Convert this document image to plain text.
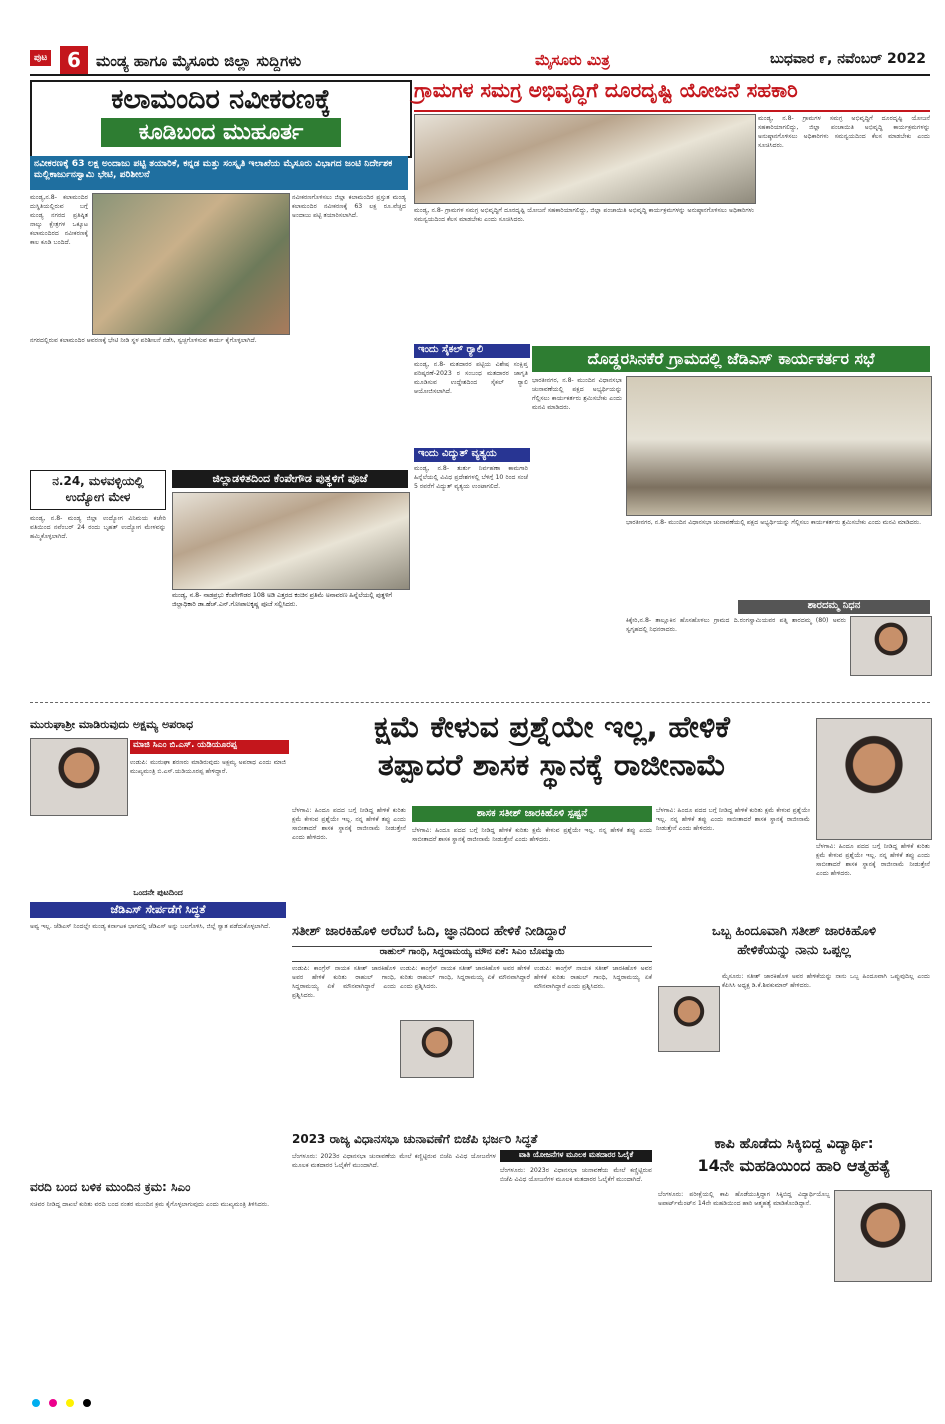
ಪುಟ 6	ಮಂಡ್ಯ ಹಾಗೂ ಮೈಸೂರು ಜಿಲ್ಲಾ ಸುದ್ದಿಗಳು	ಮೈಸೂರು ಮಿತ್ರ	ಬುಧವಾರ ೯, ನವೆಂಬರ್ 2022
ಕಲಾಮಂದಿರ ನವೀಕರಣಕ್ಕೆ
ಕೂಡಿಬಂದ ಮುಹೂರ್ತ
ನವೀಕರಣಕ್ಕೆ 63 ಲಕ್ಷ ಅಂದಾಜು ಪಟ್ಟಿ ತಯಾರಿಕೆ, ಕನ್ನಡ ಮತ್ತು ಸಂಸ್ಕೃತಿ ಇಲಾಖೆಯ ಮೈಸೂರು ವಿಭಾಗದ ಜಂಟಿ ನಿರ್ದೇಶಕ ಮಲ್ಲಿಕಾರ್ಜುನಸ್ವಾಮಿ ಭೇಟಿ, ಪರಿಶೀಲನೆ
ಮಂಡ್ಯ,ನ.8- ಕಲಾಮಂದಿರ ದುಸ್ಥಿತಿಯಲ್ಲಿರುವ ಬಗ್ಗೆ ಮಂಡ್ಯ ನಗರದ ಪ್ರತಿಷ್ಠಿತ ನಾಲ್ಕು ಕ್ಷೇತ್ರಗಳ ಒಕ್ಕೂಟ ಕಲಾಮಂದಿರದ ನವೀಕರಣಕ್ಕೆ ಕಾಲ ಕೂಡಿ ಬಂದಿದೆ.
ನವೀಕರಣಗೊಳಿಸಲು ಜಿಲ್ಲಾ ಕಲಾಮಂದಿರ ಪ್ರಸ್ತುತ ಮಂಡ್ಯ ಕಲಾಮಂದಿರ ನವೀಕರಣಕ್ಕೆ 63 ಲಕ್ಷ ರೂ.ವೆಚ್ಚದ ಅಂದಾಜು ಪಟ್ಟಿ ತಯಾರಿಸಲಾಗಿದೆ.
ನಗರದಲ್ಲಿರುವ ಕಲಾಮಂದಿರ ಆವರಣಕ್ಕೆ ಭೇಟಿ ನೀಡಿ ಸ್ಥಳ ಪರಿಶೀಲನೆ ನಡೆಸಿ, ಸ್ವಚ್ಛಗೊಳಿಸುವ ಕಾರ್ಯ ಕೈಗೊಳ್ಳಲಾಗಿದೆ.
ಗ್ರಾಮಗಳ ಸಮಗ್ರ ಅಭಿವೃದ್ಧಿಗೆ ದೂರದೃಷ್ಟಿ ಯೋಜನೆ ಸಹಕಾರಿ
ಮಂಡ್ಯ, ನ.8- ಗ್ರಾಮಗಳ ಸಮಗ್ರ ಅಭಿವೃದ್ಧಿಗೆ ದೂರದೃಷ್ಟಿ ಯೋಜನೆ ಸಹಕಾರಿಯಾಗಲಿದ್ದು, ಜಿಲ್ಲಾ ಪಂಚಾಯಿತಿ ಅಭಿವೃದ್ಧಿ ಕಾರ್ಯಕ್ರಮಗಳನ್ನು ಅನುಷ್ಠಾನಗೊಳಿಸಲು ಅಧಿಕಾರಿಗಳು ಸಮನ್ವಯದಿಂದ ಕೆಲಸ ಮಾಡಬೇಕು ಎಂದು ಸೂಚಿಸಿದರು.
ಮಂಡ್ಯ, ನ.8- ಗ್ರಾಮಗಳ ಸಮಗ್ರ ಅಭಿವೃದ್ಧಿಗೆ ದೂರದೃಷ್ಟಿ ಯೋಜನೆ ಸಹಕಾರಿಯಾಗಲಿದ್ದು, ಜಿಲ್ಲಾ ಪಂಚಾಯಿತಿ ಅಭಿವೃದ್ಧಿ ಕಾರ್ಯಕ್ರಮಗಳನ್ನು ಅನುಷ್ಠಾನಗೊಳಿಸಲು ಅಧಿಕಾರಿಗಳು ಸಮನ್ವಯದಿಂದ ಕೆಲಸ ಮಾಡಬೇಕು ಎಂದು ಸೂಚಿಸಿದರು.
ಇಂದು ಸೈಕಲ್ ರ್‍ಯಾಲಿ
ಮಂಡ್ಯ, ನ.8- ಮತದಾರರ ಪಟ್ಟಿಯ ವಿಶೇಷ ಸಂಕ್ಷಿಪ್ತ ಪರಿಷ್ಕರಣೆ-2023 ರ ಸಂಬಂಧ ಮತದಾರರ ಜಾಗೃತಿ ಮೂಡಿಸುವ ಉದ್ದೇಶದಿಂದ ಸೈಕಲ್ ರ್‍ಯಾಲಿ ಆಯೋಜಿಸಲಾಗಿದೆ.
ಇಂದು ವಿದ್ಯುತ್ ವ್ಯತ್ಯಯ
ಮಂಡ್ಯ, ನ.8- ತುರ್ತು ನಿರ್ವಹಣಾ ಕಾಮಗಾರಿ ಹಿನ್ನೆಲೆಯಲ್ಲಿ ವಿವಿಧ ಪ್ರದೇಶಗಳಲ್ಲಿ ಬೆಳಿಗ್ಗೆ 10 ರಿಂದ ಸಂಜೆ 5 ರವರೆಗೆ ವಿದ್ಯುತ್ ವ್ಯತ್ಯಯ ಉಂಟಾಗಲಿದೆ.
ದೊಡ್ಡರಸಿನಕೆರೆ ಗ್ರಾಮದಲ್ಲಿ ಜೆಡಿಎಸ್ ಕಾರ್ಯಕರ್ತರ ಸಭೆ
ಭಾರತೀನಗರ, ನ.8- ಮುಂದಿನ ವಿಧಾನಸಭಾ ಚುನಾವಣೆಯಲ್ಲಿ ಪಕ್ಷದ ಅಭ್ಯರ್ಥಿಯನ್ನು ಗೆಲ್ಲಿಸಲು ಕಾರ್ಯಕರ್ತರು ಶ್ರಮಿಸಬೇಕು ಎಂದು ಮನವಿ ಮಾಡಿದರು.
ಭಾರತೀನಗರ, ನ.8- ಮುಂದಿನ ವಿಧಾನಸಭಾ ಚುನಾವಣೆಯಲ್ಲಿ ಪಕ್ಷದ ಅಭ್ಯರ್ಥಿಯನ್ನು ಗೆಲ್ಲಿಸಲು ಕಾರ್ಯಕರ್ತರು ಶ್ರಮಿಸಬೇಕು ಎಂದು ಮನವಿ ಮಾಡಿದರು.
ಶಾರದಮ್ಮ ನಿಧನ
ಕಿಕ್ಕೇರಿ,ನ.8- ತಾಲ್ಲೂಕಿನ ಹೊಸಹೊಳಲು ಗ್ರಾಮದ ದಿ.ರಂಗಸ್ವಾಮಿಯವರ ಪತ್ನಿ ಶಾರದಮ್ಮ (80) ಅವರು ಸ್ವಗೃಹದಲ್ಲಿ ನಿಧನರಾದರು.
ನ.24, ಮಳವಳ್ಳಿಯಲ್ಲಿ ಉದ್ಯೋಗ ಮೇಳ
ಮಂಡ್ಯ, ನ.8- ಮಂಡ್ಯ ಜಿಲ್ಲಾ ಉದ್ಯೋಗ ವಿನಿಮಯ ಕಚೇರಿ ವತಿಯಿಂದ ನವೆಂಬರ್ 24 ರಂದು ಬೃಹತ್ ಉದ್ಯೋಗ ಮೇಳವನ್ನು ಹಮ್ಮಿಕೊಳ್ಳಲಾಗಿದೆ.
ಜಿಲ್ಲಾಡಳಿತದಿಂದ ಕೆಂಪೇಗೌಡ ಪುತ್ಥಳಿಗೆ ಪೂಜೆ
ಮಂಡ್ಯ, ನ.8- ನಾಡಪ್ರಭು ಕೆಂಪೇಗೌಡರ 108 ಅಡಿ ಎತ್ತರದ ಕಂಚಿನ ಪ್ರತಿಮೆ ಅನಾವರಣ ಹಿನ್ನೆಲೆಯಲ್ಲಿ ಪುತ್ಥಳಿಗೆ ಜಿಲ್ಲಾಧಿಕಾರಿ ಡಾ.ಹೆಚ್.ಎನ್.ಗೋಪಾಲಕೃಷ್ಣ ಪೂಜೆ ಸಲ್ಲಿಸಿದರು.
ಮುರುಘಾಶ್ರೀ ಮಾಡಿರುವುದು ಅಕ್ಷಮ್ಯ ಅಪರಾಧ
ಮಾಜಿ ಸಿಎಂ ಬಿ.ಎಸ್. ಯಡಿಯೂರಪ್ಪ
ಉಡುಪಿ: ಮುರುಘಾ ಶರಣರು ಮಾಡಿರುವುದು ಅಕ್ಷಮ್ಯ ಅಪರಾಧ ಎಂದು ಮಾಜಿ ಮುಖ್ಯಮಂತ್ರಿ ಬಿ.ಎಸ್.ಯಡಿಯೂರಪ್ಪ ಹೇಳಿದ್ದಾರೆ.
ಕ್ಷಮೆ ಕೇಳುವ ಪ್ರಶ್ನೆಯೇ ಇಲ್ಲ, ಹೇಳಿಕೆ
ತಪ್ಪಾದರೆ ಶಾಸಕ ಸ್ಥಾನಕ್ಕೆ ರಾಜೀನಾಮೆ
ಬೆಳಗಾವಿ: ಹಿಂದೂ ಪದದ ಬಗ್ಗೆ ನೀಡಿದ್ದ ಹೇಳಿಕೆ ಕುರಿತು ಕ್ಷಮೆ ಕೇಳುವ ಪ್ರಶ್ನೆಯೇ ಇಲ್ಲ. ನನ್ನ ಹೇಳಿಕೆ ತಪ್ಪು ಎಂದು ಸಾಬೀತಾದರೆ ಶಾಸಕ ಸ್ಥಾನಕ್ಕೆ ರಾಜೀನಾಮೆ ನೀಡುತ್ತೇನೆ ಎಂದು ಹೇಳಿದರು.
ಶಾಸಕ ಸತೀಶ್ ಜಾರಕಿಹೊಳಿ ಸ್ಪಷ್ಟನೆ
ಬೆಳಗಾವಿ: ಹಿಂದೂ ಪದದ ಬಗ್ಗೆ ನೀಡಿದ್ದ ಹೇಳಿಕೆ ಕುರಿತು ಕ್ಷಮೆ ಕೇಳುವ ಪ್ರಶ್ನೆಯೇ ಇಲ್ಲ. ನನ್ನ ಹೇಳಿಕೆ ತಪ್ಪು ಎಂದು ಸಾಬೀತಾದರೆ ಶಾಸಕ ಸ್ಥಾನಕ್ಕೆ ರಾಜೀನಾಮೆ ನೀಡುತ್ತೇನೆ ಎಂದು ಹೇಳಿದರು.
ಬೆಳಗಾವಿ: ಹಿಂದೂ ಪದದ ಬಗ್ಗೆ ನೀಡಿದ್ದ ಹೇಳಿಕೆ ಕುರಿತು ಕ್ಷಮೆ ಕೇಳುವ ಪ್ರಶ್ನೆಯೇ ಇಲ್ಲ. ನನ್ನ ಹೇಳಿಕೆ ತಪ್ಪು ಎಂದು ಸಾಬೀತಾದರೆ ಶಾಸಕ ಸ್ಥಾನಕ್ಕೆ ರಾಜೀನಾಮೆ ನೀಡುತ್ತೇನೆ ಎಂದು ಹೇಳಿದರು.
ಬೆಳಗಾವಿ: ಹಿಂದೂ ಪದದ ಬಗ್ಗೆ ನೀಡಿದ್ದ ಹೇಳಿಕೆ ಕುರಿತು ಕ್ಷಮೆ ಕೇಳುವ ಪ್ರಶ್ನೆಯೇ ಇಲ್ಲ. ನನ್ನ ಹೇಳಿಕೆ ತಪ್ಪು ಎಂದು ಸಾಬೀತಾದರೆ ಶಾಸಕ ಸ್ಥಾನಕ್ಕೆ ರಾಜೀನಾಮೆ ನೀಡುತ್ತೇನೆ ಎಂದು ಹೇಳಿದರು.
ಒಂದನೇ ಪುಟದಿಂದ
ಜೆಡಿಎಸ್ ಸೇರ್ಪಡೆಗೆ ಸಿದ್ಧತೆ
ಅವ್ವ ಇಲ್ಲ. ಜೆಡಿಎಸ್ ನಿಂದಲ್ಲೇ ಮಂಡ್ಯ ಕರ್ನಾಟಕ ಭಾಗದಲ್ಲಿ ಜೆಡಿಎಸ್ ಅನ್ನು ಬಲಗೊಳಿಸಿ, ಜಿಲ್ಲೆ ಸ್ವಾತ ಪಡೆದುಕೊಳ್ಳಲಾಗಿದೆ.
ವರದಿ ಬಂದ ಬಳಿಕ ಮುಂದಿನ ಕ್ರಮ: ಸಿಎಂ
ಸಚಿವರ ನೀಡಿದ್ದ ದಾಖಲೆ ಕುರಿತು ವರದಿ ಬಂದ ನಂತರ ಮುಂದಿನ ಕ್ರಮ ಕೈಗೊಳ್ಳಲಾಗುವುದು ಎಂದು ಮುಖ್ಯಮಂತ್ರಿ ತಿಳಿಸಿದರು.
ಸತೀಶ್ ಜಾರಕಿಹೊಳಿ ಅರೆಬರೆ ಓದಿ, ಜ್ಞಾನದಿಂದ ಹೇಳಿಕೆ ನೀಡಿದ್ದಾರೆ
ರಾಹುಲ್ ಗಾಂಧಿ, ಸಿದ್ದರಾಮಯ್ಯ ಮೌನ ಏಕೆ: ಸಿಎಂ ಬೊಮ್ಮಾಯಿ
ಉಡುಪಿ: ಕಾಂಗ್ರೆಸ್ ನಾಯಕ ಸತೀಶ್ ಜಾರಕಿಹೊಳಿ ಅವರ ಹೇಳಿಕೆ ಕುರಿತು ರಾಹುಲ್ ಗಾಂಧಿ, ಸಿದ್ದರಾಮಯ್ಯ ಏಕೆ ಮೌನವಾಗಿದ್ದಾರೆ ಎಂದು ಪ್ರಶ್ನಿಸಿದರು.
ಉಡುಪಿ: ಕಾಂಗ್ರೆಸ್ ನಾಯಕ ಸತೀಶ್ ಜಾರಕಿಹೊಳಿ ಅವರ ಹೇಳಿಕೆ ಕುರಿತು ರಾಹುಲ್ ಗಾಂಧಿ, ಸಿದ್ದರಾಮಯ್ಯ ಏಕೆ ಮೌನವಾಗಿದ್ದಾರೆ ಎಂದು ಪ್ರಶ್ನಿಸಿದರು.
ಉಡುಪಿ: ಕಾಂಗ್ರೆಸ್ ನಾಯಕ ಸತೀಶ್ ಜಾರಕಿಹೊಳಿ ಅವರ ಹೇಳಿಕೆ ಕುರಿತು ರಾಹುಲ್ ಗಾಂಧಿ, ಸಿದ್ದರಾಮಯ್ಯ ಏಕೆ ಮೌನವಾಗಿದ್ದಾರೆ ಎಂದು ಪ್ರಶ್ನಿಸಿದರು.
ಒಬ್ಬ ಹಿಂದೂವಾಗಿ ಸತೀಶ್ ಜಾರಕಿಹೊಳಿ
ಹೇಳಿಕೆಯನ್ನು ನಾನು ಒಪ್ಪಲ್ಲ
ಮೈಸೂರು: ಸತೀಶ್ ಜಾರಕಿಹೊಳಿ ಅವರ ಹೇಳಿಕೆಯನ್ನು ನಾನು ಒಬ್ಬ ಹಿಂದೂವಾಗಿ ಒಪ್ಪುವುದಿಲ್ಲ ಎಂದು ಕೆಪಿಸಿಸಿ ಅಧ್ಯಕ್ಷ ಡಿ.ಕೆ.ಶಿವಕುಮಾರ್ ಹೇಳಿದರು.
2023 ರಾಜ್ಯ ವಿಧಾನಸಭಾ ಚುನಾವಣೆಗೆ ಬಿಜೆಪಿ ಭರ್ಜರಿ ಸಿದ್ಧತೆ
ವಾತಿ ಯೋಜನೆಗಳ ಮೂಲಕ ಮತದಾರರ ಓಲೈಕೆ
ಬೆಂಗಳೂರು: 2023ರ ವಿಧಾನಸಭಾ ಚುನಾವಣೆಯ ಮೇಲೆ ಕಣ್ಣಿಟ್ಟಿರುವ ಬಿಜೆಪಿ ವಿವಿಧ ಯೋಜನೆಗಳ ಮೂಲಕ ಮತದಾರರ ಓಲೈಕೆಗೆ ಮುಂದಾಗಿದೆ.
ಬೆಂಗಳೂರು: 2023ರ ವಿಧಾನಸಭಾ ಚುನಾವಣೆಯ ಮೇಲೆ ಕಣ್ಣಿಟ್ಟಿರುವ ಬಿಜೆಪಿ ವಿವಿಧ ಯೋಜನೆಗಳ ಮೂಲಕ ಮತದಾರರ ಓಲೈಕೆಗೆ ಮುಂದಾಗಿದೆ.
ಕಾಪಿ ಹೊಡೆದು ಸಿಕ್ಕಿಬಿದ್ದ ವಿದ್ಯಾರ್ಥಿ:
14ನೇ ಮಹಡಿಯಿಂದ ಹಾರಿ ಆತ್ಮಹತ್ಯೆ
ಬೆಂಗಳೂರು: ಪರೀಕ್ಷೆಯಲ್ಲಿ ಕಾಪಿ ಹೊಡೆಯುತ್ತಿದ್ದಾಗ ಸಿಕ್ಕಿಬಿದ್ದ ವಿದ್ಯಾರ್ಥಿಯೊಬ್ಬ ಅಪಾರ್ಟ್‌ಮೆಂಟ್‌ನ 14ನೇ ಮಹಡಿಯಿಂದ ಹಾರಿ ಆತ್ಮಹತ್ಯೆ ಮಾಡಿಕೊಂಡಿದ್ದಾನೆ.
